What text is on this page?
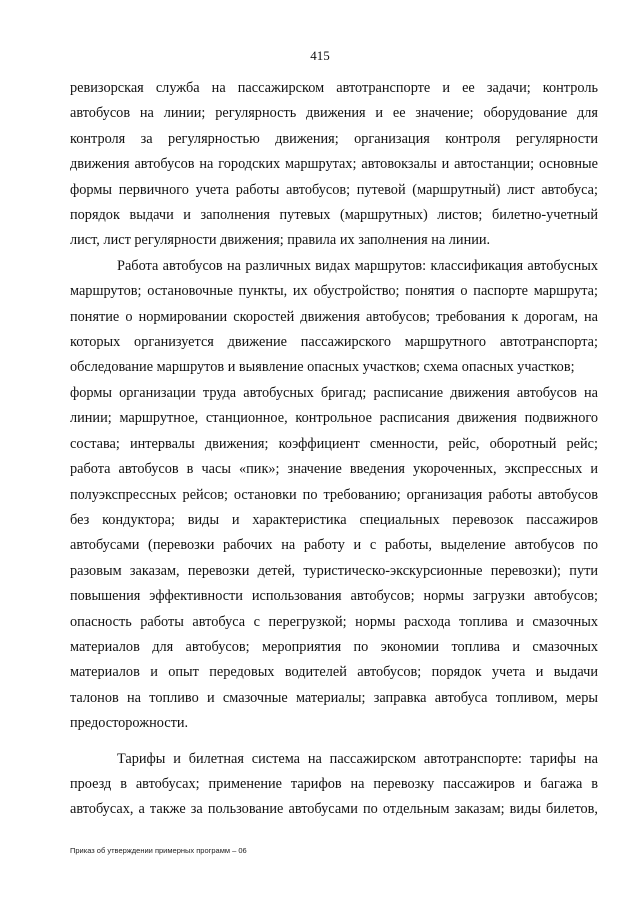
415
ревизорская служба на пассажирском автотранспорте и ее задачи; контроль
автобусов на линии; регулярность движения и ее значение; оборудование для
контроля за регулярностью движения; организация контроля регулярности
движения автобусов на городских маршрутах; автовокзалы и автостанции; основные
формы первичного учета работы автобусов; путевой (маршрутный) лист автобуса;
порядок выдачи и заполнения путевых (маршрутных) листов; билетно-учетный
лист, лист регулярности движения; правила их заполнения на линии.
Работа автобусов на различных видах маршрутов: классификация автобусных
маршрутов; остановочные пункты, их обустройство; понятия о паспорте маршрута;
понятие о нормировании скоростей движения автобусов; требования к дорогам, на
которых организуется движение пассажирского маршрутного автотранспорта;
обследование маршрутов и выявление опасных участков; схема опасных участков;
формы организации труда автобусных бригад; расписание движения автобусов на
линии; маршрутное, станционное, контрольное расписания движения подвижного
состава; интервалы движения; коэффициент сменности, рейс, оборотный рейс;
работа автобусов в часы «пик»; значение введения укороченных, экспрессных и
полуэкспрессных рейсов; остановки по требованию; организация работы автобусов
без кондуктора; виды и характеристика специальных перевозок пассажиров
автобусами (перевозки рабочих на работу и с работы, выделение автобусов по
разовым заказам, перевозки детей, туристическо-экскурсионные перевозки); пути
повышения эффективности использования автобусов; нормы загрузки автобусов;
опасность работы автобуса с перегрузкой; нормы расхода топлива и смазочных
материалов для автобусов; мероприятия по экономии топлива и смазочных
материалов и опыт передовых водителей автобусов; порядок учета и выдачи
талонов на топливо и смазочные материалы; заправка автобуса топливом, меры
предосторожности.
Тарифы и билетная система на пассажирском автотранспорте: тарифы на
проезд в автобусах; применение тарифов на перевозку пассажиров и багажа в
автобусах, а также за пользование автобусами по отдельным заказам; виды билетов,
Приказ об утверждении примерных программ – 06
